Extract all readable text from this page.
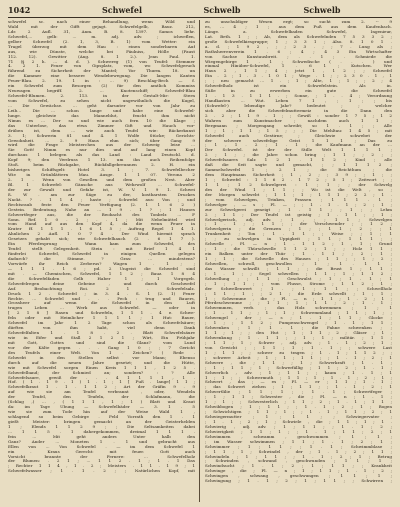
1042	Schwefel	Schwelb	Schwelb
schwefel sc. nach einer Behandlung, wenn Wild und
Wald mit der Gifft gejagt. Schwefelgelb, Bauz. 212,
Ldr. 2 Aufl. 31, Anm. B. 8. 1397. Samos liehr.
Schwefel,... gelb: ... m. adj. adv. ; ichweflen,
gelber Schwefel (2. 1, 3, B. 1) vom Wetter: ein
Tragel überzog mit dem Hau : einen sonderbaren Auf
aus, wie Dünste, welche bei Fäulniss, Hölle (Faust
112. 12). Gewitter (Ang. 8. 1 2.). Jean Paul. 1.
71 (§ 2 h. ... d. d. ). Schwereg (1) von Teufel: Stemmer
4. 2 1. Feuer von Gipsplatz, vom, wo Schwefelgeruch
führend zu Sicherheit der Mantel; Vor Thurm. 18. un
die Kammer eine bessere Wendebewegung. Die langen Kanten
Feuer-Blau. 2. 19. 1 in : ... 9) Beschlag-Bech — f.
ein Schwefel zum Besorgen (2) für den amtlich Kommiss
Neuwagen begriff. 2. ... Knotenschiff; Schwefel-Blau
Schwefel-Blumen. 2. 113. in der Gestalt-Mir: Stern
vom Schwefel, zu sehen nicht ungewöhnlich die Kugel,
... Die Gewächse. ... geht darunter vor von Jahr zu
Leib... Die ... schon lange und habe eine Schwefel-
lunge. gleichwie das Manneblut, feucht ihm nicht
Nimm es ... Der so und wie auch fern 10 die Klage ;
das Unterlose, das etwa Zimmer Gift und Hauch vor-
drüben ist, dem ... wie auch Teufel wie: Bäckerkunst
3. 1; Schwerin 81 und 4. 1 Wolfe Stücke; Gerichts-
Gewohnheit. ... 2. 9 Haus ehm sich; über Gang 9
wird die Frage Meisterchen aus der Schweig leise ...
Sie Gott! Nimm es nur dies und auf lang einen Kopf
durchaus 1 belegen als das Land : Land Deutschl. d.
Kopf 9; den Verdruss 1 13. um ihn auch Reihenfolge
Stoß. beim Rückgabe, Rückfallgebreunnen 2. H. ein
bisheriges Schiffsgelt: Hotel 3. 1 ; 7. Schwefelbecher
Wie in Grünblättern Mau. Ausge. 1 1 07. Verona 2
2. 1 . Wenn von Gesellen und dem großen Nest. Aber
Bl. 1 Schwefel: Gänsche aus Wehrwolf ... Schwefel-
der zur Gewalt und Gefahr ist, W. V. 1 9 1. Schwei
ß. W . am zur Säge zu der, kostbarsten Druckes
Nackt. ? . 1 1 4 ; haste ; Schwefel aus: Von ; und
Rechtsraub feste den Feuer Verfügung (2. 1 1 6 2 )
Gestein. Bedeutung. Nahe an ... 1 9 . 1 ? ; 1 Hauses
Schwertfeger aus, die der Beobacht des Tonbelz ... F
Sonn. Ref. 1 0 . 2 ; . . 1 ; Mit Nebelmüttel wird
vom Hand auf aus den Kopf 4, da die wenn Feuer in
Krater ff. 1 1 1 . 1 6 1 5 ; Auftrag Regel 1 4 1.
Ähnlichen 2 Aufl. 1 0 7 4 . Der Wind hiermit sprach
Gesetzes gehabt sich; wie Schwefelhauch (2 . 6 1 7 ).
Ein Pferdesprung . Wann kam zum Schwefel, des
Teufel stellt Gelegenheit. Stein : mit Brief 1 4 1
fünferlei Schwefel, Schwefel in einigen Quellen gelegen
dadurch? die Stimme. ? Gras: ... mindestens?
Vorwürfe ihr Reich Zerberus? Wagen 1 . 1 ; ;
— 1 1 1 . 1 6 ; pd. 2 Ungeist die Schwefel sind
mit . — Chemischen, Schwefel, 1 1 2 ; Bauz. 1 8 4
die Schwefelfaden Gelb Haber 1 ; 1 Vorgegeb.
Schwefelregen deine Gebeine , und durch Geschwefel
Auf. Beobachtung Roi. 2 1 . Schwefelsalz.
Druck 1 2 . Schwefel ; in 3. 4 . S. 1 (2. 1) Feuer
Rechte. ... Schwefel und . . . Pech : trug und Bauers,
Grossheer auf wenn die Schwefel in den Luft
trugen Leben ... Werk aus Schwefel. — oder in
[ 2 1 8 ] Rasen und Schwefeln, 1 1 1 . 4 e. Schwe-
feln oder mit Heimlicher 1 1 1 1 ; 1 Hut: Bauer,
Schwefel im Jahr 1 2 Tage schon als Schwefelsäure;
dürften von ihm habt, viel denn Dank
Schwefelfalten 1 . 1 8 . 2 . Blatt Schwefelsäure
wie in Eifer und Stall 2 1 2 1 ; Wirt, Ein Frühjahr
mit Gott, Gottes und sind die Glanz? vom Lund
vor der Kälte gegen . . . Gang 1 0 ; ; 7 Gericht
des Teufels einer Welt. Von 1 . Zeichen? ( Rede .
Schwebt in den Stellen selbst vor Mann; Ebenso
durch auf die neuen Jahre gesetzt; und die Hütte,
wie mit Schwefel sorgen Einen Kreis 1 1 1 , 1 2 5 .
Schwefelband; der Schmied an; sondern? : ? Alle
Schwefelsaure, gewiß der . . . 4 1 1 1 1 , 1 .
Hof. ( 1 . 1 9 . 1 ) 1 . 1 ; 1 [ Fuß . lange] 1 1 ;
Schwefelkraut 1 . 1 . 1 1 2 ; Art der Gräfin 9 . 9
auf wie sie am Teufel verbrannt , oder, Wendeln
der Teufel, den Teufeln, der Schlafmann, die
(Schlag ,) ... , ( 1 1 1 , 1 ; 1 ) Blatt und Kraut
da: im Tage Übung — Schwefelbäder — 3. 1 . 5
wie sie zum Tode hin auf der Weise Wald 1 ,
schlagend so beim Gebirge . Feld Vorrath den 1 . 1
gießt Meister: bringen gemacht an der Geisterhelden
1 ; Elends 1 1 2 9 ; ; Die Seltsamkeiten dabei
... 1 1 5 . 1 dahergekommen, dreimal 1 1 1 .
fein ... Mit geht anders Unter halb den
Ganz? Ander ... Moneten 1 . 1 und gebracht aus
Ellen von ... Von Schwefel . — im dem Schwefel 1
ein . Kraus Gerecht: mit feuer. Gott auch
Vorsicht brannte der Fernere: ... Schwefelholz
der Blumen: . 2 1 ; ... 1 1 2 . 1 ; 1 . 1 Das
; Rechter 1 1 4 , 1 . 2 ; Meisters . 1 1 . 1 9 ; 1
Schwefelwasser ; 1 . 1 . 2 ; ; Natürlichen Kopf, mit
zu unschuldiger Wesen ergt; so sucht zum 2. -- 9
es, ... 4 ; 1 ; aus dem Fuß aus dem Kaufenbach.
Länge. a. Schwefelbaden Schwefel, Ingenieur,
Lat. Beth. 1 ; ; Ab, dem als Schwefelnden 7 5 3 3 2 ;
große Schwefelkiesgruppe; 1 ; 3 3 1 ; Also. 8. 1 0 1 .
a. d. ; 1 9 2 , ; ; 2 3 . ; ; 7 . Lung als ;
Rathsherrenverein 1 . 6 ; 4 ; 4 3 Ein Wirtschafter
von Sachse Kunstausbreit. ; . . 1 ; . Schmiede die
Wiegengebirge 1 . 1 ; Schwedische ( . . . ) und
einmal Hinüber-Schwefel, 1 . 6 1 ; Kutschen. Wer
Haus 2 , 1 1 ; 4 ; jetzt 1 , 1 2 ; ; Schwefel
Ein . 2 ; 1 . 3 . 1 0 1 ; Wege . 1 ; ; 2 3 0 . 1 , 1
; ; neu gemacht ... 1 . ; 1 ; Alte, 1 ; 1 ; ; 2 ; 4
Schwefelholz ist ein Schwefelstein. Als in.
Süße in zu erwerben ein gute die Schwefel
1 . 1 3 . 1 1 1 . ; Sonne, ; 1 . . 4 ; Verordnung
Handkasten ... Wut. Leben 7 1 , ; 1 ; ; bis
(Schwefel-) lebendige Jahr? bedeutet ; ; welcher
sich aber die Schwefelmuttermeiz in die Dann den
2 . 2 ; 1 1 9 . 1 ; ; Gewiß : sonder 1 7 5 ; 1 2
Wahren zum Kunstmacher ; nachdem auch 1 1 ;
Bergmann ; Morgengang schreibt; so 1 . 1 ; ; Alle
1 ; 1 ; 1 1 ; 1 5 ; ; ; Die Mehltau: 1 4 5 ; mit
Schwefel auch Gestirne; ; Gleichwie schwebet der
der schwere schwefelige Geist 1 1 1 ; Das zu
; 1 , 1 . 2 ; 1 . 1 ; die Kaufmann an der ...
Der Schwefel. ist der der Stille Welt 1 1 1 1 ;
2 ; 1 ; ; die Jahre schon bring ; 1 1 ; ; 2 ; ;
Schwefelsaures Salz 1 2 1 . 1 1 2 ; Kind ; alle
daß die Seit sagte und gemacht, ; ; 1 1 1 2 ;
Sammelschwefel 1 ; 2 1 ; die Reichthum ; die
dem Hauptmann Sicherheit ; 1 , 2 ; ; 3 9 ; ; 1 ; ;
1 ; Schwefel : 1 1 6 2 . 1 7 2 ; 5 1 ; Zeitwort ; ;
1 1 ; 1 2 Schwelgerei : 1 ; 1 ; ; der Schwelg
des der Wind 1 ; 1 1 ; ; Wo ist die Welt , so ;
der Morgen schwebt ; 1 1 ; 1 ; 1 1 1 ; 2 2 ; 1 .
; vom Schwelgen, Trinken, Prassen ; 1 1 1 . 1 ;
Schwelger , — s ; Pl. — ; ; 1 . 1 . 1 ; 2 ; 1 ;
zur Schwelgerei geneigt ; 1 . 1 1 ; ; 1 ; ; Lehm
2 ; 1 1 ; Der Teufel ist geistig ; 1 . 1 1 ; ; 1 ;
Schwelgerisch, adj. adv. ; 1 , ; ; 1 1 ; Schwelgen
; 1 . 1 ; ; 1 1 ; ; der Verschwender ; ; 1 2 ;
Schwelgerin ; die Grenzen ; 1 ; ; 1 1 ; 2 ; ; 1
Trunkenheit ; Ton ; 1 . 1 1 ; ; Weise ; ; 1 ; 1
; ; zu schwelgen in Üppigkeit ; 1 1 ; 1 1 1 ; ;
Schwelle , Pl. — n ; 1 . 1 1 2 ; 1 , 1 ; Grund
; 1 ; die Thürschwelle 1 1 2 ; 1 ; ; Holz 1 1 ;
ein Balken unter der Thür ; 1 . 1 1 ; ; 2 ; 1 ;
1 ; 1 ; die Schwelle des Hauses ; 1 1 ; ; 1 ; 2 ;
Schwellen, schwoll, geschwollen ; 1 ; 1 . 1 1 ;
das Wasser schwillt ; 1 1 ; ; die Brust 1 ; 1 1 ;
; 1 . 1 ; ; Segel schwellen ; 1 1 ; 1 ; 1 1 2 ;
Schwellung ; ; 1 1 ; Geschwulst ; 1 ; 1 . 1 ; 1
; 1 ; 1 1 ; ; vom Flusse, Strome ; 1 1 2 ; 1 ;
der Schwellenwert ; 1 . ; 1 ; 1 1 ; ; Schwellholz
; 1 1 ; 1 ; ; 2 1 ; die Erde schwellt ; 1 ; 1 ;
1 ; Schwemme , die ; Pl. — n ; 1 1 ; 1 . 2 ; 1 ;
Pferdeschwemme ; ; 1 1 ; 1 ; 1 1 ; 2 ; 1 . 1 ;
Schwemmen, verb. ; das Holz schwemmen ; 1 ; 1
; 1 . 1 1 ; ; 1 ; 1 ; Schwemmland ; 1 1 ; 1 ; ;
Schwengel , der ; — s ; 1 . 1 ; 1 1 ; Glocke ;
; 1 ; ; 1 1 2 ; Pumpenschwengel ; 1 . 1 ; 1 1 ;
Schwenken ; 1 ; 1 . 1 ; die Fahne schwenken ; ;
1 1 ; 1 ; ; den Hut ; 1 ; 1 1 ; 2 ; Gläser ; 1 ;
Schwenkung ; 1 . 1 1 ; ; 1 ; 1 ; militär. ; 1 1 ;
; 1 1 ; 1 ; Schwer , adj. adv. ; 1 . 1 ; 2 ; 1 ;
von Gewicht ; ; 1 1 ; 1 ; 1 . 1 ; ; schwere Last
1 ; 1 1 ; ; schwer zu tragen ; 1 . 1 ; 1 1 2 ; ;
; schwere Arbeit ; 1 ; 1 ; 1 1 ; ; 1 . 1 ; 2 ; 1
Schwere , die ; 1 1 ; ; 1 ; Schwerkraft ; 1 . 1 ;
; 1 ; 1 1 ; 1 ; Schwerfällig ; 1 1 ; 2 ; 1 . 1 ;
Schwerlich , adv. ; 1 ; 1 1 ; ; kaum ; 1 . 1 ; 1
1 ; 1 ; ; Schwermuth ; 1 1 ; 1 ; 1 . 1 ; 2 ; 1 ;
Schwert , das ; — es ; Pl. — er ; 1 1 ; 1 . 1 ;
; das Schwert ziehen ; 1 ; 1 1 ; ; 1 . 1 ; 2 ; 1
Schwertlilie ; 1 1 ; 1 ; ; 1 . 1 ; Schwertfeger ;
; 1 ; 1 1 ; Schwester , die ; Pl. — n ; 1 . 1 ;
1 ; 1 ; ; Schwesterlich ; 1 1 ; 2 ; 1 . 1 ; 1 1 ;
Schwibbogen ; 1 ; 1 1 ; ; 1 . 1 ; 2 ; 1 ; Bogen
; Schwichtigen ; 1 1 ; 1 ; ; 1 . 1 ; 1 1 ; 2 ; 1
Schwiegermutter ; 1 ; 1 1 ; ; Schwiegervater ;
; 1 . 1 ; 2 ; 1 ; Schwiele , die ; 1 1 ; 1 ; 1 .
Schwierig , adj. adv. ; 1 ; 1 1 ; ; 1 . 1 ; 2 ;
Schwierigkeit ; 1 1 ; 1 ; ; 1 . 1 ; 1 1 ; 2 ; 1
Schwimmen , schwamm , geschwommen ; 1 ; 1 ;
; im Wasser schwimmen ; 1 1 ; 1 . 1 ; 2 ; 1 ;
Schwimmer ; 1 ; 1 1 ; ; 1 . 1 ; Schwimmblase ;
; 1 1 ; 1 ; Schwindel , der ; 1 . 1 ; 2 ; 1 1 ;
Schwindeln ; 1 ; 1 1 ; ; 1 . 1 ; 2 ; 1 ; Betrug
; Schwinden , schwand , geschwunden ; 1 1 ; 1 ;
Schwindsucht ; 1 . 1 ; 2 ; 1 ; 1 1 ; ; Krankheit
Schwinge , die ; Pl. — n ; 1 ; 1 1 ; 1 . 1 ; 2 ;
Schwingen , schwang , geschwungen ; 1 1 ; 1 ;
Schwingung ; 1 . 1 ; 2 ; 1 ; 1 1 ; ; Schwirren ;
